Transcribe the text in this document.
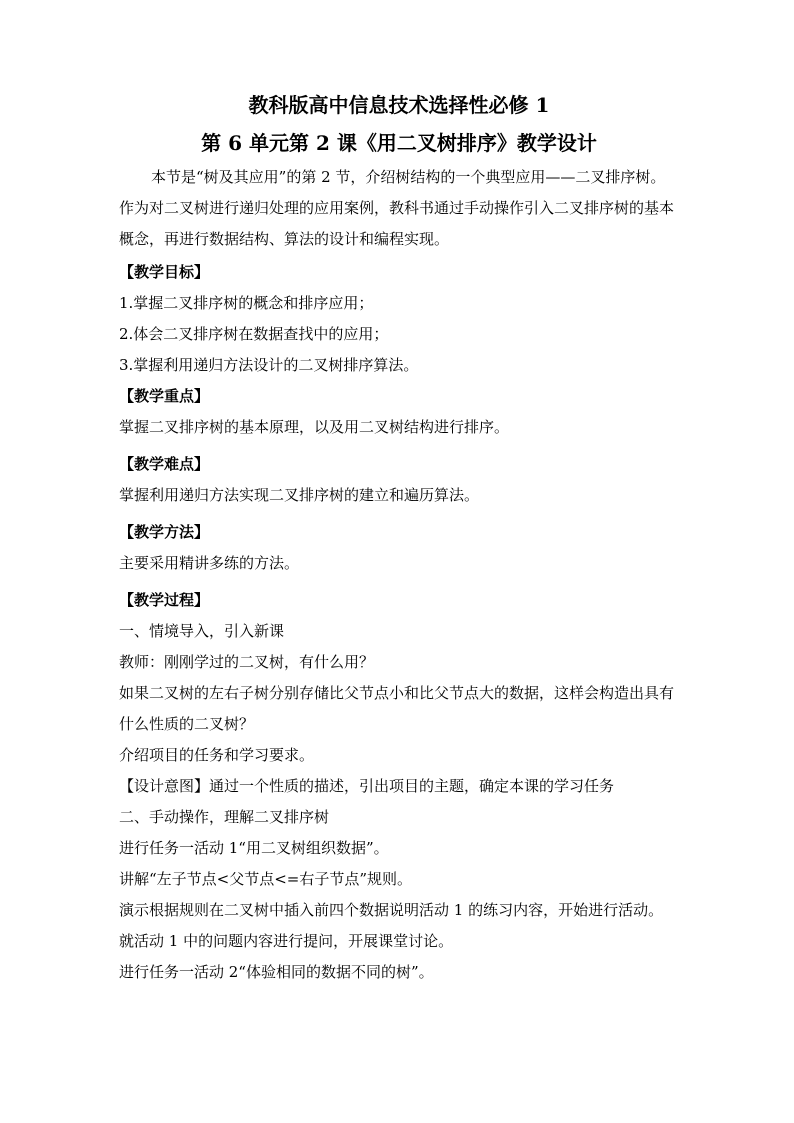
教科版高中信息技术选择性必修 1

第 6 单元第 2 课《用二叉树排序》教学设计

本节是“树及其应用”的第 2 节，介绍树结构的一个典型应用——二叉排序树。作为对二叉树进行递归处理的应用案例，教科书通过手动操作引入二叉排序树的基本概念，再进行数据结构、算法的设计和编程实现。

【教学目标】

1.掌握二叉排序树的概念和排序应用；

2.体会二叉排序树在数据查找中的应用；

3.掌握利用递归方法设计的二叉树排序算法。

【教学重点】

掌握二叉排序树的基本原理，以及用二叉树结构进行排序。

【教学难点】

掌握利用递归方法实现二叉排序树的建立和遍历算法。

【教学方法】

主要采用精讲多练的方法。

【教学过程】

一、情境导入，引入新课

教师：刚刚学过的二叉树，有什么用？

如果二叉树的左右子树分别存储比父节点小和比父节点大的数据，这样会构造出具有什么性质的二叉树？

介绍项目的任务和学习要求。

【设计意图】通过一个性质的描述，引出项目的主题，确定本课的学习任务

二、手动操作，理解二叉排序树

进行任务一活动 1“用二叉树组织数据”。

讲解“左子节点<父节点<=右子节点”规则。

演示根据规则在二叉树中插入前四个数据说明活动 1 的练习内容，开始进行活动。

就活动 1 中的问题内容进行提问，开展课堂讨论。

进行任务一活动 2“体验相同的数据不同的树”。
